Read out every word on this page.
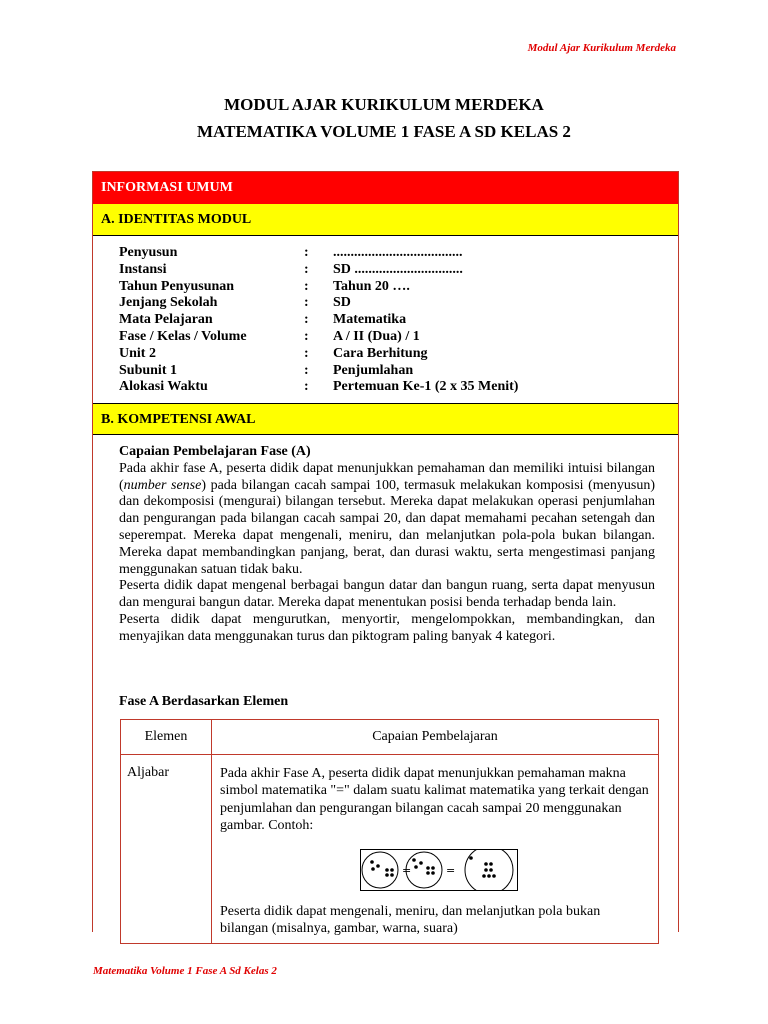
Modul Ajar Kurikulum Merdeka
MODUL AJAR KURIKULUM MERDEKA
MATEMATIKA VOLUME 1 FASE A SD KELAS 2
INFORMASI UMUM
A. IDENTITAS MODUL
Penyusun	:	.....................................
Instansi	:	SD ...............................
Tahun Penyusunan	:	Tahun 20 ….
Jenjang Sekolah	:	SD
Mata Pelajaran	:	Matematika
Fase / Kelas / Volume	:	A / II (Dua) / 1
Unit 2	:	Cara Berhitung
Subunit 1	:	Penjumlahan
Alokasi Waktu	:	Pertemuan Ke-1 (2 x 35 Menit)
B. KOMPETENSI AWAL

Capaian Pembelajaran Fase (A)

Pada akhir fase A, peserta didik dapat menunjukkan pemahaman dan memiliki intuisi bilangan (number sense) pada bilangan cacah sampai 100, termasuk melakukan komposisi (menyusun) dan dekomposisi (mengurai) bilangan tersebut. Mereka dapat melakukan operasi penjumlahan dan pengurangan pada bilangan cacah sampai 20, dan dapat memahami pecahan setengah dan seperempat. Mereka dapat mengenali, meniru, dan melanjutkan pola-pola bukan bilangan. Mereka dapat membandingkan panjang, berat, dan durasi waktu, serta mengestimasi panjang menggunakan satuan tidak baku.

Peserta didik dapat mengenal berbagai bangun datar dan bangun ruang, serta dapat menyusun dan mengurai bangun datar. Mereka dapat menentukan posisi benda terhadap benda lain.

Peserta didik dapat mengurutkan, menyortir, mengelompokkan, membandingkan, dan menyajikan data menggunakan turus dan piktogram paling banyak 4 kategori.

Fase A Berdasarkan Elemen
Elemen	Capaian Pembelajaran
Aljabar	Pada akhir Fase A, peserta didik dapat menunjukkan pemahaman makna simbol matematika "=" dalam suatu kalimat matematika yang terkait dengan penjumlahan dan pengurangan bilangan cacah sampai 20 menggunakan gambar. Contoh:

= =

Peserta didik dapat mengenali, meniru, dan melanjutkan pola bukan bilangan (misalnya, gambar, warna, suara)

Matematika Volume 1 Fase A Sd Kelas 2
